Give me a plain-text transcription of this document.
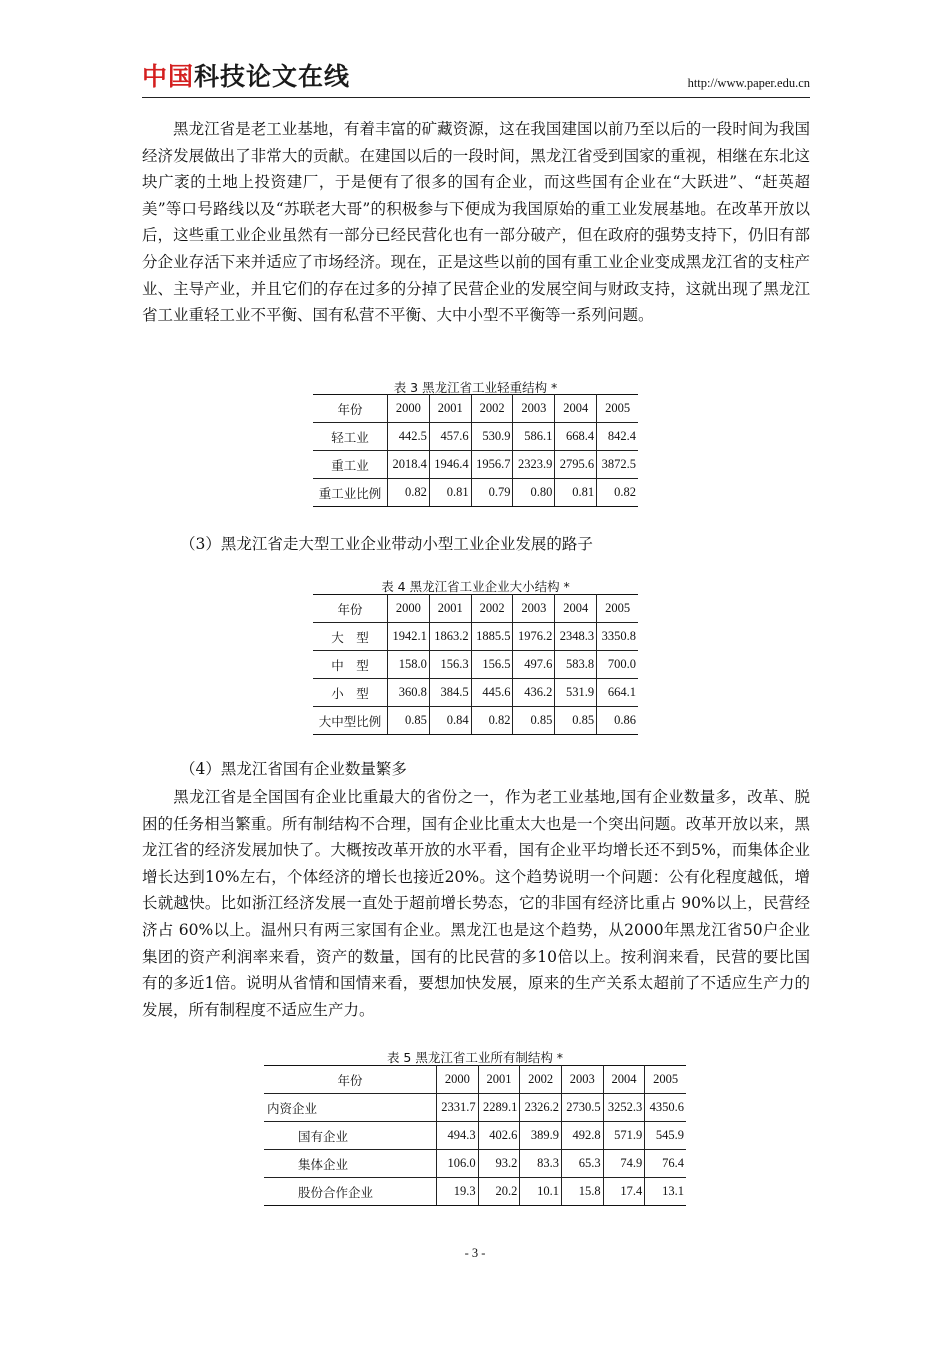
中国科技论文在线	http://www.paper.edu.cn

黑龙江省是老工业基地，有着丰富的矿藏资源，这在我国建国以前乃至以后的一段时间为我国经济发展做出了非常大的贡献。在建国以后的一段时间，黑龙江省受到国家的重视，相继在东北这块广袤的土地上投资建厂，于是便有了很多的国有企业，而这些国有企业在“大跃进”、“赶英超美”等口号路线以及“苏联老大哥”的积极参与下便成为我国原始的重工业发展基地。在改革开放以后，这些重工业企业虽然有一部分已经民营化也有一部分破产，但在政府的强势支持下，仍旧有部分企业存活下来并适应了市场经济。现在，正是这些以前的国有重工业企业变成黑龙江省的支柱产业、主导产业，并且它们的存在过多的分掉了民营企业的发展空间与财政支持，这就出现了黑龙江省工业重轻工业不平衡、国有私营不平衡、大中小型不平衡等一系列问题。

表 3 黑龙江省工业轻重结构 *
年份	2000	2001	2002	2003	2004	2005
轻工业	442.5	457.6	530.9	586.1	668.4	842.4
重工业	2018.4	1946.4	1956.7	2323.9	2795.6	3872.5
重工业比例	0.82	0.81	0.79	0.80	0.81	0.82

（3）黑龙江省走大型工业企业带动小型工业企业发展的路子

表 4 黑龙江省工业企业大小结构 *
年份	2000	2001	2002	2003	2004	2005
大　型	1942.1	1863.2	1885.5	1976.2	2348.3	3350.8
中　型	158.0	156.3	156.5	497.6	583.8	700.0
小　型	360.8	384.5	445.6	436.2	531.9	664.1
大中型比例	0.85	0.84	0.82	0.85	0.85	0.86

（4）黑龙江省国有企业数量繁多

黑龙江省是全国国有企业比重最大的省份之一，作为老工业基地,国有企业数量多，改革、脱困的任务相当繁重。所有制结构不合理，国有企业比重太大也是一个突出问题。改革开放以来，黑龙江省的经济发展加快了。大概按改革开放的水平看，国有企业平均增长还不到5%，而集体企业增长达到10%左右，个体经济的增长也接近20%。这个趋势说明一个问题：公有化程度越低，增长就越快。比如浙江经济发展一直处于超前增长势态，它的非国有经济比重占 90%以上，民营经济占 60%以上。温州只有两三家国有企业。黑龙江也是这个趋势，从2000年黑龙江省50户企业集团的资产利润率来看，资产的数量，国有的比民营的多10倍以上。按利润来看，民营的要比国有的多近1倍。说明从省情和国情来看，要想加快发展，原来的生产关系太超前了不适应生产力的发展，所有制程度不适应生产力。

表 5 黑龙江省工业所有制结构 *
年份	2000	2001	2002	2003	2004	2005
内资企业	2331.7	2289.1	2326.2	2730.5	3252.3	4350.6
国有企业	494.3	402.6	389.9	492.8	571.9	545.9
集体企业	106.0	93.2	83.3	65.3	74.9	76.4
股份合作企业	19.3	20.2	10.1	15.8	17.4	13.1
- 3 -
